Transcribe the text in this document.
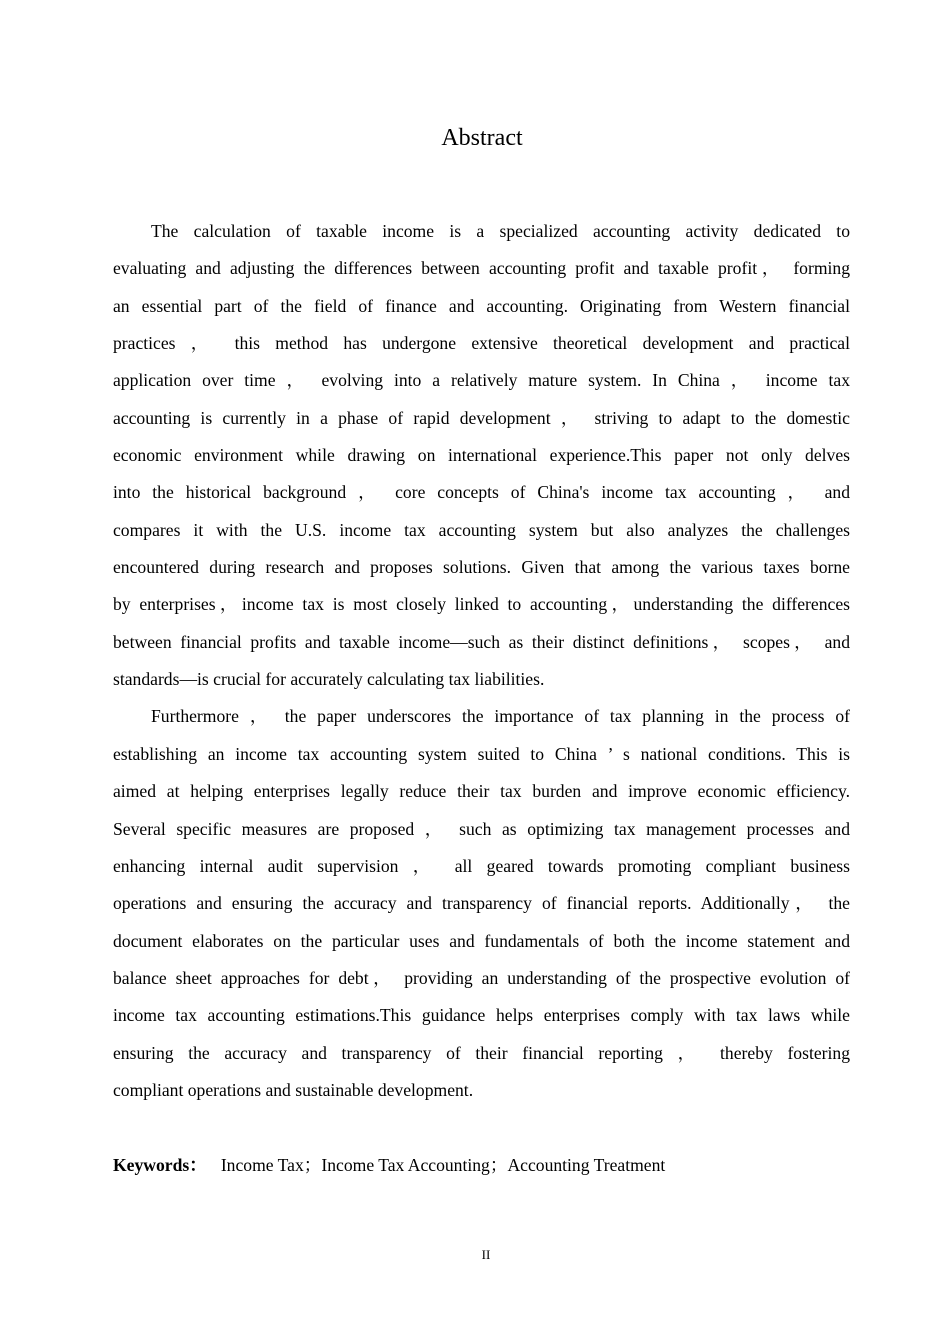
Abstract
The calculation of taxable income is a specialized accounting activity dedicated to
evaluating and adjusting the differences between accounting profit and taxable profit， forming
an essential part of the field of finance and accounting. Originating from Western financial
practices ， this method has undergone extensive theoretical development and practical
application over time ， evolving into a relatively mature system. In China ， income tax
accounting is currently in a phase of rapid development ， striving to adapt to the domestic
economic environment while drawing on international experience.This paper not only delves
into the historical background ， core concepts of China's income tax accounting ， and
compares it with the U.S. income tax accounting system but also analyzes the challenges
encountered during research and proposes solutions. Given that among the various taxes borne
by enterprises，income tax is most closely linked to accounting，understanding the differences
between financial profits and taxable income—such as their distinct definitions， scopes， and
standards—is crucial for accurately calculating tax liabilities.
Furthermore ， the paper underscores the importance of tax planning in the process of
establishing an income tax accounting system suited to China ’ s national conditions. This is
aimed at helping enterprises legally reduce their tax burden and improve economic efficiency.
Several specific measures are proposed ， such as optimizing tax management processes and
enhancing internal audit supervision ， all geared towards promoting compliant business
operations and ensuring the accuracy and transparency of financial reports. Additionally， the
document elaborates on the particular uses and fundamentals of both the income statement and
balance sheet approaches for debt， providing an understanding of the prospective evolution of
income tax accounting estimations.This guidance helps enterprises comply with tax laws while
ensuring the accuracy and transparency of their financial reporting ， thereby fostering
compliant operations and sustainable development.
Keywords： Income Tax；Income Tax Accounting；Accounting Treatment
II
